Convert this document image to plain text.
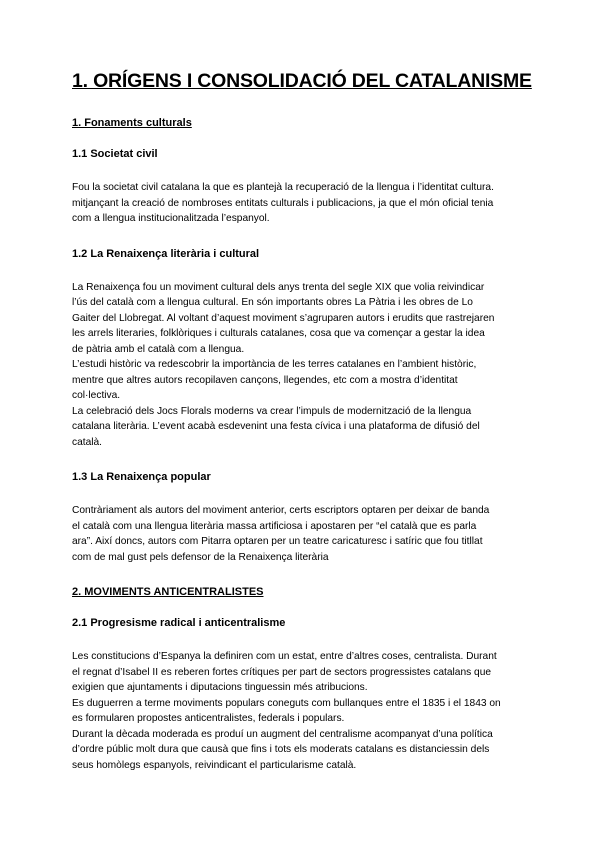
1. ORÍGENS I CONSOLIDACIÓ DEL CATALANISME
1. Fonaments culturals
1.1 Societat civil
Fou la societat civil catalana la que es plantejà la recuperació de la llengua i l’identitat cultura.
mitjançant la creació de nombroses entitats culturals i publicacions, ja que el món oficial tenia
com a llengua institucionalitzada l’espanyol.
1.2 La Renaixença literària i cultural
La Renaixença fou un moviment cultural dels anys trenta del segle XIX que volia reivindicar
l’ús del català com a llengua cultural. En són importants obres La Pàtria i les obres de Lo
Gaiter del Llobregat. Al voltant d’aquest moviment s’agruparen autors i erudits que rastrejaren
les arrels literaries, folklòriques i culturals catalanes, cosa que va començar a gestar la idea
de pàtria amb el català com a llengua.
L’estudi històric va redescobrir la importància de les terres catalanes en l’ambient històric,
mentre que altres autors recopilaven cançons, llegendes, etc com a mostra d’identitat
col·lectiva.
La celebració dels Jocs Florals moderns va crear l’impuls de modernització de la llengua
catalana literària. L’event acabà esdevenint una festa cívica i una plataforma de difusió del
català.
1.3 La Renaixença popular
Contràriament als autors del moviment anterior, certs escriptors optaren per deixar de banda
el català com una llengua literària massa artificiosa i apostaren per “el català que es parla
ara”. Així doncs, autors com Pitarra optaren per un teatre caricaturesc i satíric que fou titllat
com de mal gust pels defensor de la Renaixença literària
2. MOVIMENTS ANTICENTRALISTES
2.1 Progresisme radical i anticentralisme
Les constitucions d’Espanya la definiren com un estat, entre d’altres coses, centralista. Durant
el regnat d’Isabel II es reberen fortes crítiques per part de sectors progressistes catalans que
exigien que ajuntaments i diputacions tinguessin més atribucions.
Es duguerren a terme moviments populars coneguts com bullanques entre el 1835 i el 1843 on
es formularen propostes anticentralistes, federals i populars.
Durant la dècada moderada es produí un augment del centralisme acompanyat d’una política
d’ordre públic molt dura que causà que fins i tots els moderats catalans es distanciessin dels
seus homòlegs espanyols, reivindicant el particularisme català.
